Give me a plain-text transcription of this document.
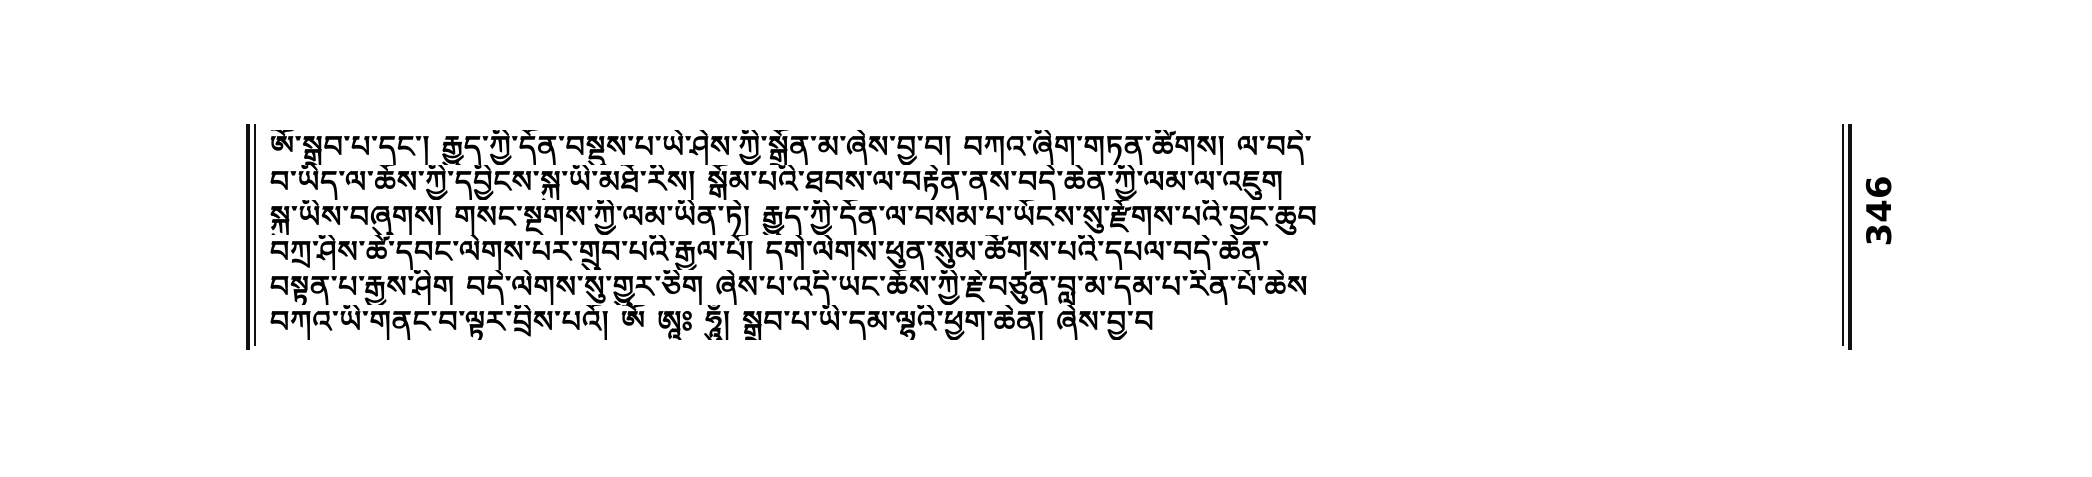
ༀ་སྒྲུབ་པ་དང་། རྒྱུད་ཀྱི་དོན་བསྡུས་པ་ཡེ་ཤེས་ཀྱི་སྒྲོན་མ་ཞེས་བྱ་བ། བཀའ་ཞིག་གཏན་ཚིགས། ལ་བདེ་
བ་ཡིད་ལ་ཆོས་ཀྱི་དབྱིངས་སྐུ་ཡི་མཐོ་རིས། སྒོམ་པའི་ཐབས་ལ་བརྟེན་ནས་བདེ་ཆེན་ཀྱི་ལམ་ལ་འཇུག
སྐུ་ཡིས་བཞུགས། གསང་སྔགས་ཀྱི་ལམ་ཡིན་ཏེ། རྒྱུད་ཀྱི་དོན་ལ་བསམ་པ་ཡོངས་སུ་རྫོགས་པའི་བྱང་ཆུབ
བཀྲ་ཤིས་ཚེ་དབང་ལེགས་པར་གྲུབ་པའི་རྒྱལ་པོ། དགེ་ལེགས་ཕུན་སུམ་ཚོགས་པའི་དཔལ་བདེ་ཆེན་
བསྟན་པ་རྒྱས་ཤིག བདེ་ལེགས་སུ་གྱུར་ཅིག ཞེས་པ་འདི་ཡང་ཆོས་ཀྱི་རྗེ་བཙུན་བླ་མ་དམ་པ་རིན་པོ་ཆེས
བཀའ་ཡི་གནང་བ་ལྟར་བྲིས་པའོ། ༀ ཨཱཿ ཧཱུྃ། སྒྲུབ་པ་ཡི་དམ་ལྷའི་ཕྱག་ཆེན། ཞེས་བྱ་བ
346
